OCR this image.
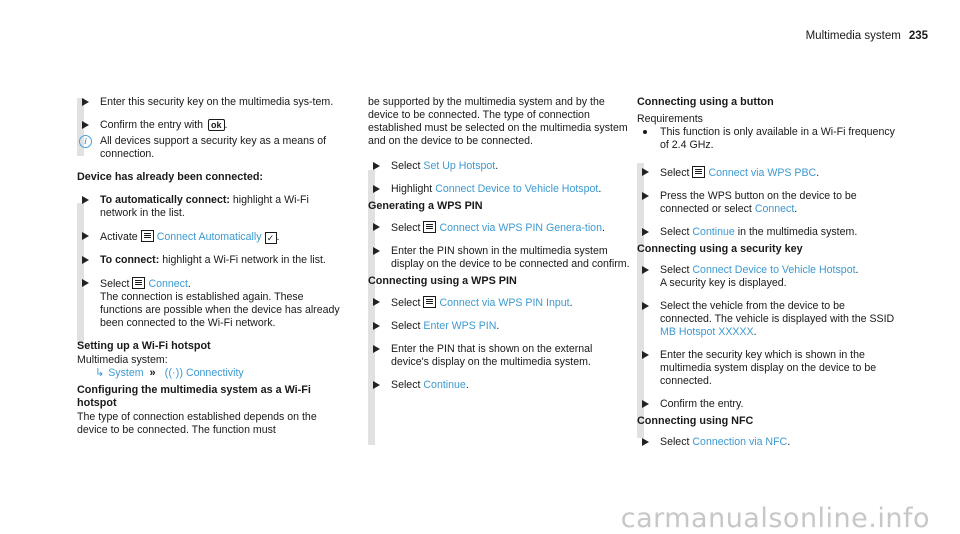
Multimedia system 235
Enter this security key on the multimedia sys-tem.
Confirm the entry with ok .
i	All devices support a security key as a means of connection.
Device has already been connected:
To automatically connect: highlight a Wi-Fi network in the list.
Activate Connect Automatically ✓ .
To connect: highlight a Wi-Fi network in the list.
Select Connect.
The connection is established again. These functions are possible when the device has already been connected to the Wi-Fi network.
Setting up a Wi-Fi hotspot
Multimedia system:
↳ System » ((·)) Connectivity
Configuring the multimedia system as a Wi-Fi hotspot
The type of connection established depends on the device to be connected. The function must

be supported by the multimedia system and by the device to be connected. The type of connection established must be selected on the multimedia system and on the device to be connected.

Select Set Up Hotspot.
Highlight Connect Device to Vehicle Hotspot.
Generating a WPS PIN
Select Connect via WPS PIN Genera-tion.
Enter the PIN shown in the multimedia system display on the device to be connected and confirm.
Connecting using a WPS PIN
Select Connect via WPS PIN Input.
Select Enter WPS PIN.
Enter the PIN that is shown on the external device's display on the multimedia system.
Select Continue.
Connecting using a button
Requirements
This function is only available in a Wi-Fi frequency of 2.4 GHz.
Select Connect via WPS PBC.
Press the WPS button on the device to be connected or select Connect.
Select Continue in the multimedia system.
Connecting using a security key
Select Connect Device to Vehicle Hotspot.
A security key is displayed.
Select the vehicle from the device to be connected. The vehicle is displayed with the SSID MB Hotspot XXXXX.
Enter the security key which is shown in the multimedia system display on the device to be connected.
Confirm the entry.
Connecting using NFC
Select Connection via NFC.
carmanualsonline.info
